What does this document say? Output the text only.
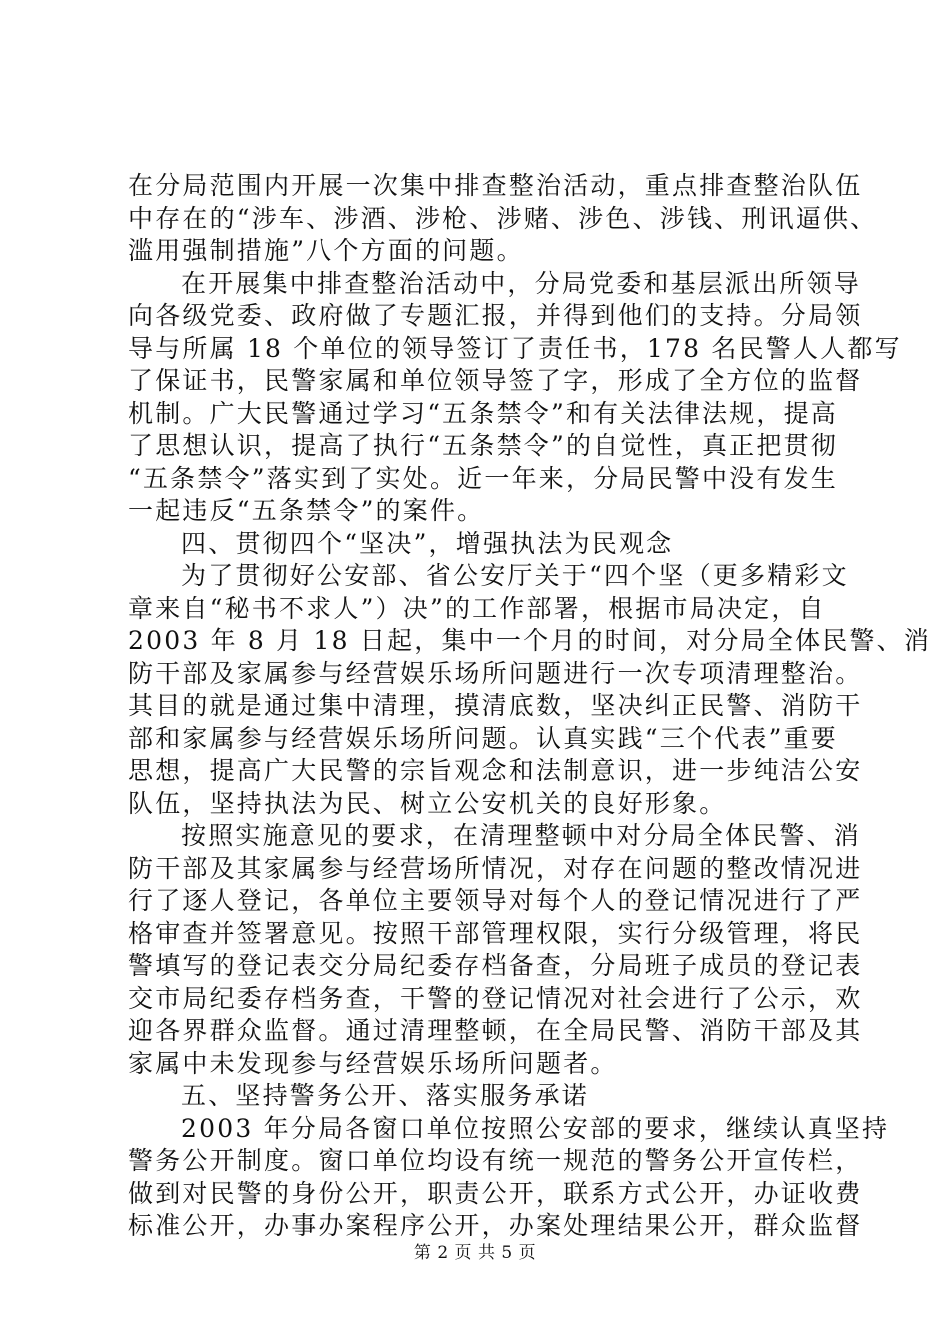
在分局范围内开展一次集中排查整治活动，重点排查整治队伍
中存在的“涉车、涉酒、涉枪、涉赌、涉色、涉钱、刑讯逼供、
滥用强制措施”八个方面的问题。
在开展集中排查整治活动中，分局党委和基层派出所领导
向各级党委、政府做了专题汇报，并得到他们的支持。分局领
导与所属 18 个单位的领导签订了责任书，178 名民警人人都写
了保证书，民警家属和单位领导签了字，形成了全方位的监督
机制。广大民警通过学习“五条禁令”和有关法律法规，提高
了思想认识，提高了执行“五条禁令”的自觉性，真正把贯彻
“五条禁令”落实到了实处。近一年来，分局民警中没有发生
一起违反“五条禁令”的案件。
四、贯彻四个“坚决”，增强执法为民观念
为了贯彻好公安部、省公安厅关于“四个坚（更多精彩文
章来自“秘书不求人”）决”的工作部署，根据市局决定，自
2003 年 8 月 18 日起，集中一个月的时间，对分局全体民警、消
防干部及家属参与经营娱乐场所问题进行一次专项清理整治。
其目的就是通过集中清理，摸清底数，坚决纠正民警、消防干
部和家属参与经营娱乐场所问题。认真实践“三个代表”重要
思想，提高广大民警的宗旨观念和法制意识，进一步纯洁公安
队伍，坚持执法为民、树立公安机关的良好形象。
按照实施意见的要求，在清理整顿中对分局全体民警、消
防干部及其家属参与经营场所情况，对存在问题的整改情况进
行了逐人登记，各单位主要领导对每个人的登记情况进行了严
格审查并签署意见。按照干部管理权限，实行分级管理，将民
警填写的登记表交分局纪委存档备查，分局班子成员的登记表
交市局纪委存档务查，干警的登记情况对社会进行了公示，欢
迎各界群众监督。通过清理整顿，在全局民警、消防干部及其
家属中未发现参与经营娱乐场所问题者。
五、坚持警务公开、落实服务承诺
2003 年分局各窗口单位按照公安部的要求，继续认真坚持
警务公开制度。窗口单位均设有统一规范的警务公开宣传栏，
做到对民警的身份公开，职责公开，联系方式公开，办证收费
标准公开，办事办案程序公开，办案处理结果公开，群众监督
第 2 页 共 5 页
